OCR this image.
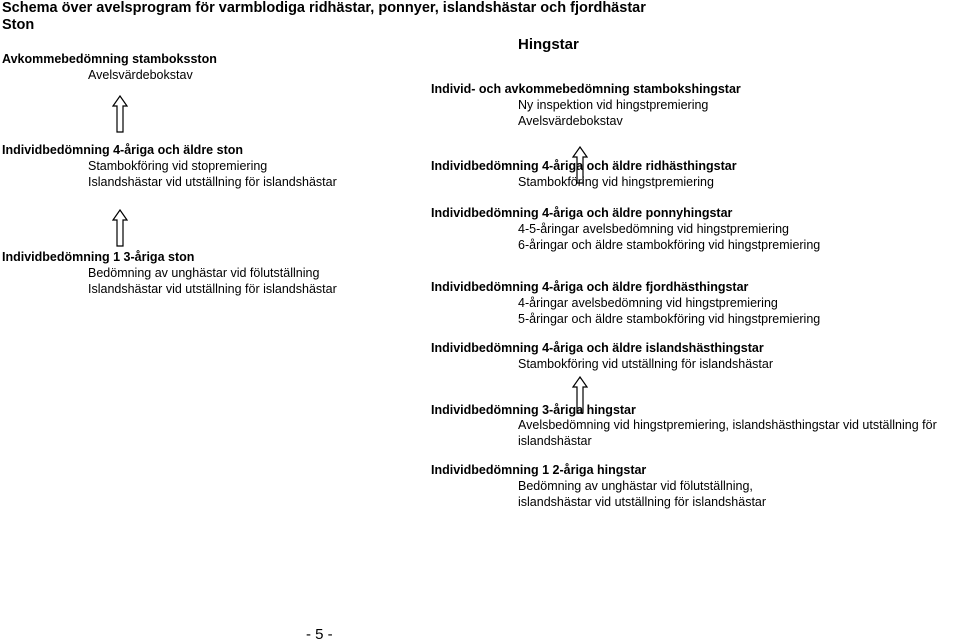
Schema över avelsprogram för varmblodiga ridhästar, ponnyer, islandshästar och fjordhästar
Ston
Avkommebedömning stamboksston
Avelsvärdebokstav
Individbedömning 4-åriga och äldre ston
Stambokföring vid stopremiering
Islandshästar vid utställning för islandshästar
Individbedömning 1 3-åriga ston
Bedömning av unghästar vid fölutställning
Islandshästar vid utställning för islandshästar
Hingstar
Individ- och avkommebedömning stambokshingstar
Ny inspektion vid hingstpremiering
Avelsvärdebokstav
Individbedömning 4-åriga och äldre ridhästhingstar
Stambokföring vid hingstpremiering
Individbedömning 4-åriga och äldre ponnyhingstar
4-5-åringar avelsbedömning vid hingstpremiering
6-åringar och äldre stambokföring vid hingstpremiering
Individbedömning 4-åriga och äldre fjordhästhingstar
4-åringar avelsbedömning vid hingstpremiering
5-åringar och äldre stambokföring vid hingstpremiering
Individbedömning 4-åriga och äldre islandshästhingstar
Stambokföring vid utställning för islandshästar
Individbedömning 3-åriga hingstar
Avelsbedömning vid hingstpremiering, islandshästhingstar vid utställning för
islandshästar
Individbedömning 1 2-åriga hingstar
Bedömning av unghästar vid fölutställning,
islandshästar vid utställning för islandshästar
- 5 -
